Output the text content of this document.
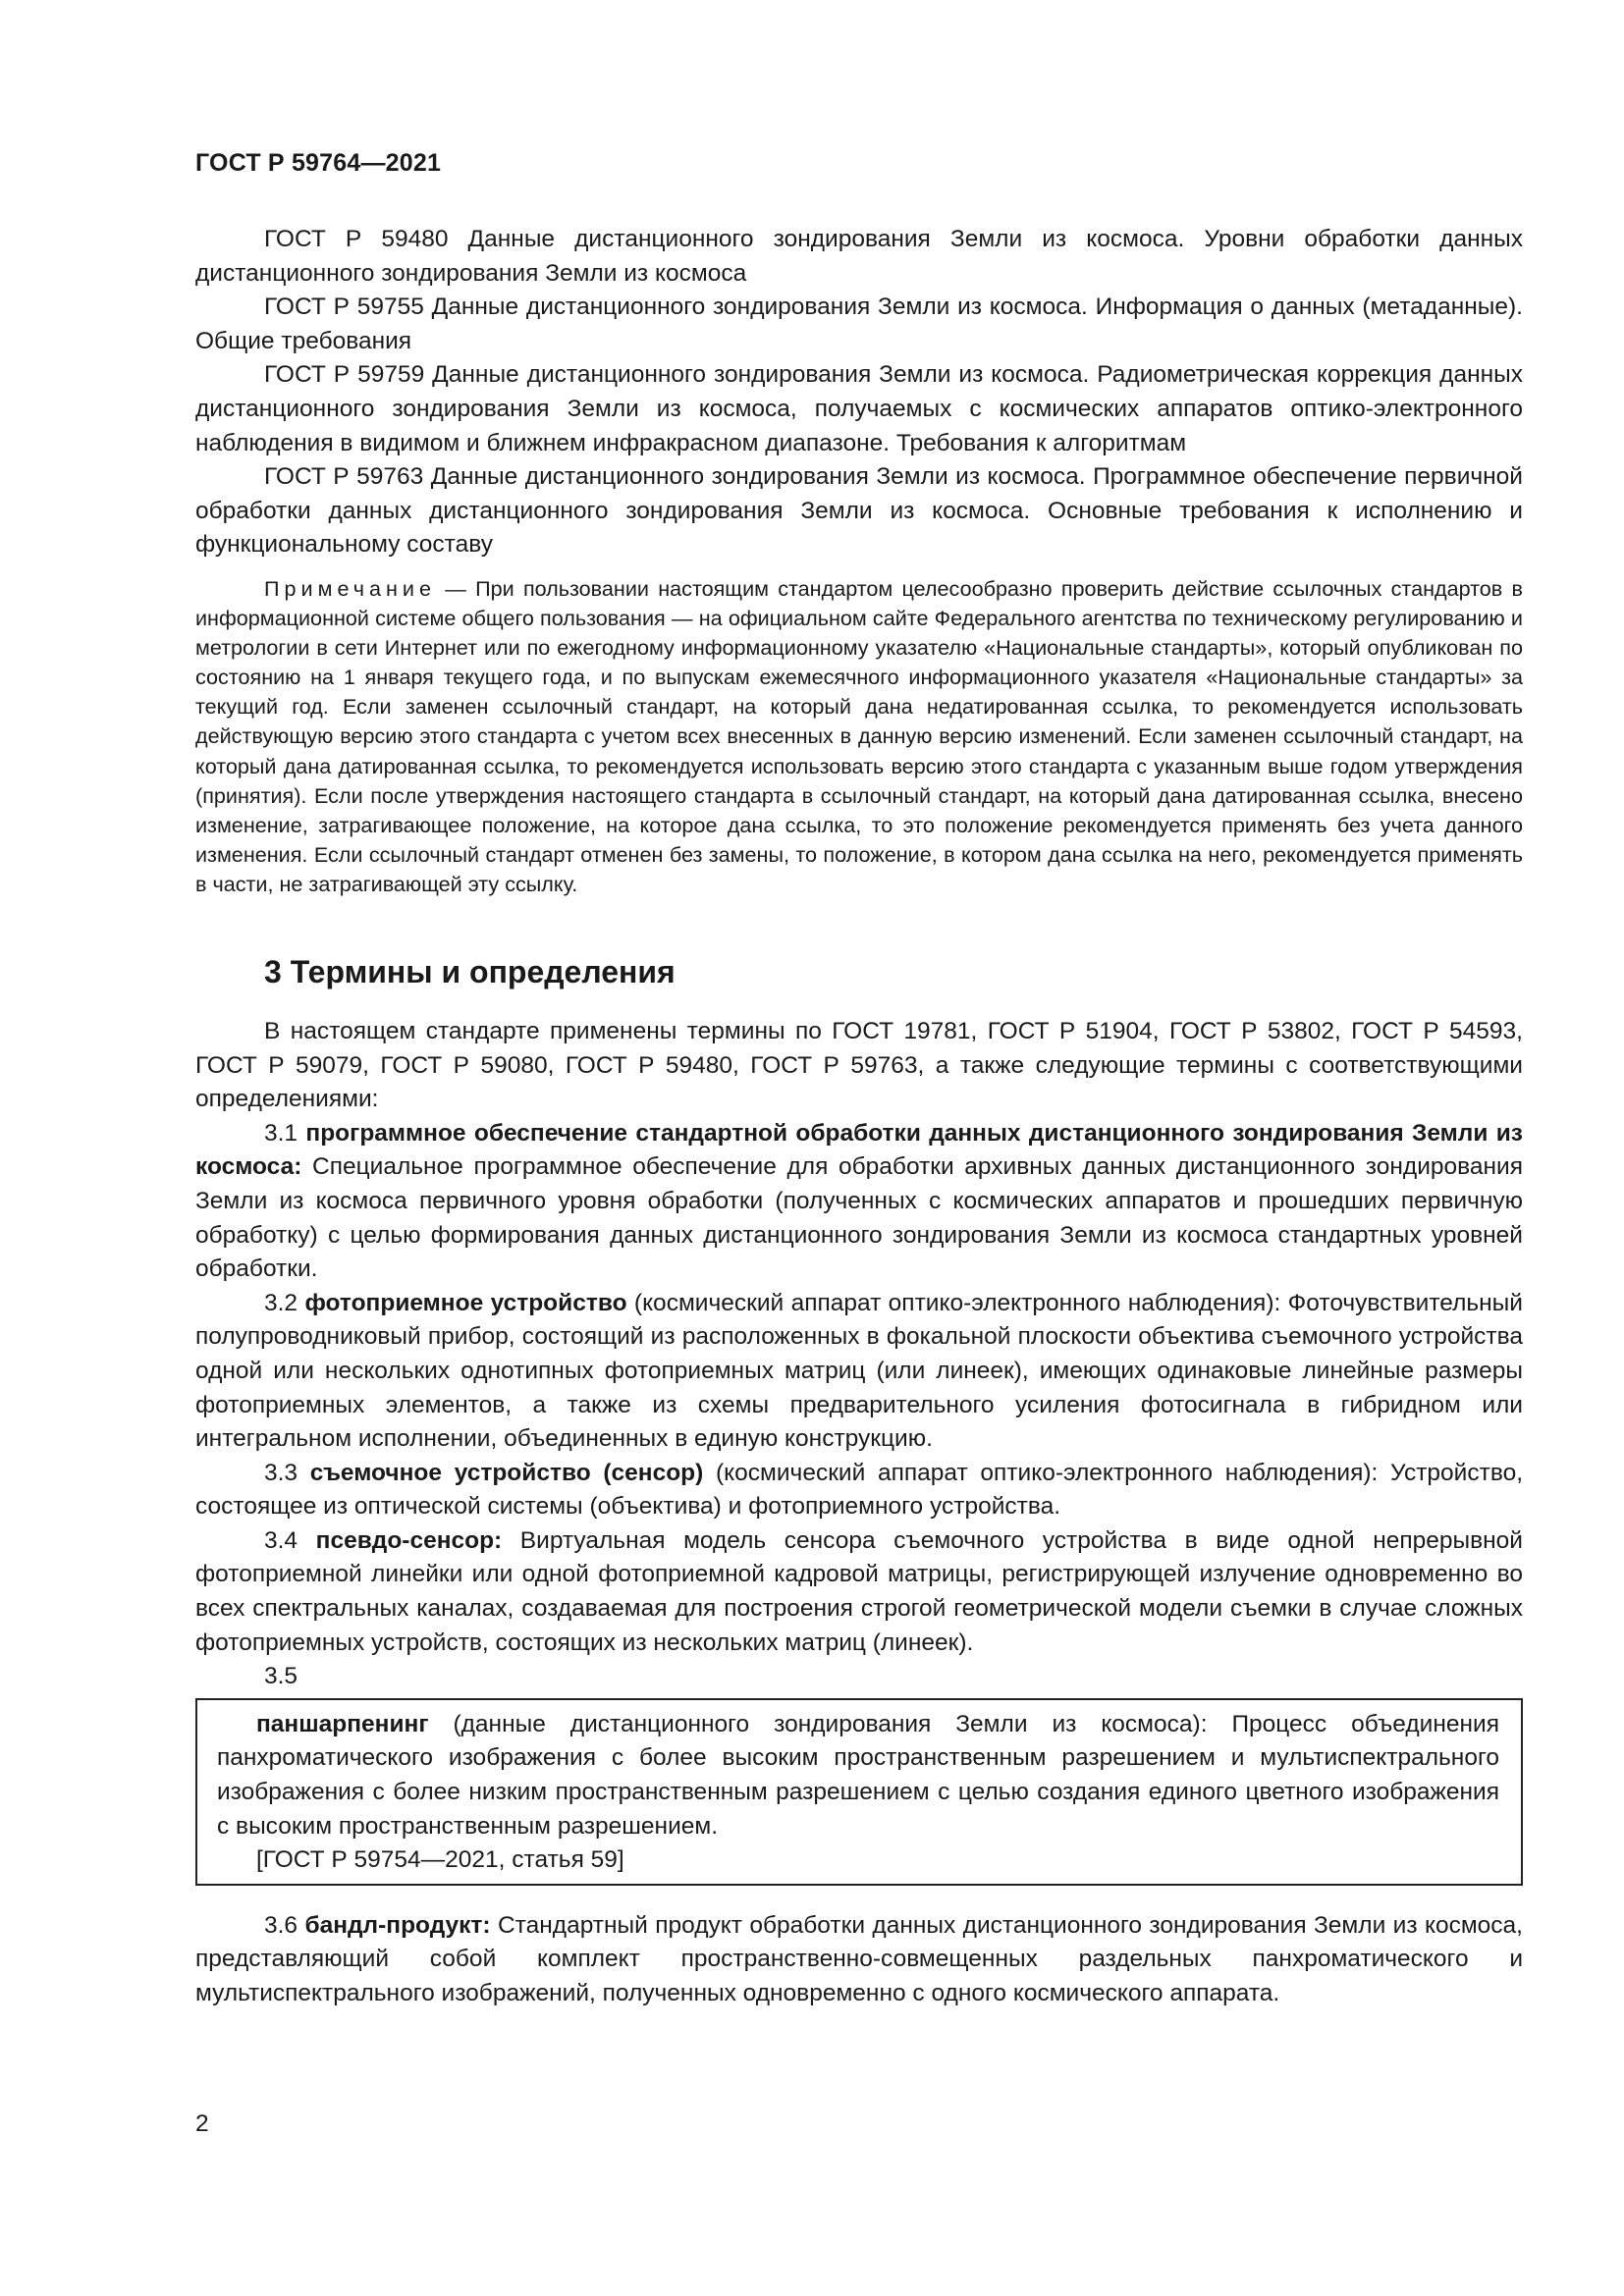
ГОСТ Р 59764—2021

ГОСТ Р 59480 Данные дистанционного зондирования Земли из космоса. Уровни обработки данных дистанционного зондирования Земли из космоса

ГОСТ Р 59755 Данные дистанционного зондирования Земли из космоса. Информация о данных (метаданные). Общие требования

ГОСТ Р 59759 Данные дистанционного зондирования Земли из космоса. Радиометрическая коррекция данных дистанционного зондирования Земли из космоса, получаемых с космических аппаратов оптико-электронного наблюдения в видимом и ближнем инфракрасном диапазоне. Требования к алгоритмам

ГОСТ Р 59763 Данные дистанционного зондирования Земли из космоса. Программное обеспечение первичной обработки данных дистанционного зондирования Земли из космоса. Основные требования к исполнению и функциональному составу

Примечание — При пользовании настоящим стандартом целесообразно проверить действие ссылочных стандартов в информационной системе общего пользования — на официальном сайте Федерального агентства по техническому регулированию и метрологии в сети Интернет или по ежегодному информационному указателю «Национальные стандарты», который опубликован по состоянию на 1 января текущего года, и по выпускам ежемесячного информационного указателя «Национальные стандарты» за текущий год. Если заменен ссылочный стандарт, на который дана недатированная ссылка, то рекомендуется использовать действующую версию этого стандарта с учетом всех внесенных в данную версию изменений. Если заменен ссылочный стандарт, на который дана датированная ссылка, то рекомендуется использовать версию этого стандарта с указанным выше годом утверждения (принятия). Если после утверждения настоящего стандарта в ссылочный стандарт, на который дана датированная ссылка, внесено изменение, затрагивающее положение, на которое дана ссылка, то это положение рекомендуется применять без учета данного изменения. Если ссылочный стандарт отменен без замены, то положение, в котором дана ссылка на него, рекомендуется применять в части, не затрагивающей эту ссылку.
3 Термины и определения

В настоящем стандарте применены термины по ГОСТ 19781, ГОСТ Р 51904, ГОСТ Р 53802, ГОСТ Р 54593, ГОСТ Р 59079, ГОСТ Р 59080, ГОСТ Р 59480, ГОСТ Р 59763, а также следующие термины с соответствующими определениями:

3.1 программное обеспечение стандартной обработки данных дистанционного зондирования Земли из космоса: Специальное программное обеспечение для обработки архивных данных дистанционного зондирования Земли из космоса первичного уровня обработки (полученных с космических аппаратов и прошедших первичную обработку) с целью формирования данных дистанционного зондирования Земли из космоса стандартных уровней обработки.

3.2 фотоприемное устройство (космический аппарат оптико-электронного наблюдения): Фоточувствительный полупроводниковый прибор, состоящий из расположенных в фокальной плоскости объектива съемочного устройства одной или нескольких однотипных фотоприемных матриц (или линеек), имеющих одинаковые линейные размеры фотоприемных элементов, а также из схемы предварительного усиления фотосигнала в гибридном или интегральном исполнении, объединенных в единую конструкцию.

3.3 съемочное устройство (сенсор) (космический аппарат оптико-электронного наблюдения): Устройство, состоящее из оптической системы (объектива) и фотоприемного устройства.

3.4 псевдо-сенсор: Виртуальная модель сенсора съемочного устройства в виде одной непрерывной фотоприемной линейки или одной фотоприемной кадровой матрицы, регистрирующей излучение одновременно во всех спектральных каналах, создаваемая для построения строгой геометрической модели съемки в случае сложных фотоприемных устройств, состоящих из нескольких матриц (линеек).

3.5

паншарпенинг (данные дистанционного зондирования Земли из космоса): Процесс объединения панхроматического изображения с более высоким пространственным разрешением и мультиспектрального изображения с более низким пространственным разрешением с целью создания единого цветного изображения с высоким пространственным разрешением.

[ГОСТ Р 59754—2021, статья 59]

3.6 бандл-продукт: Стандартный продукт обработки данных дистанционного зондирования Земли из космоса, представляющий собой комплект пространственно-совмещенных раздельных панхроматического и мультиспектрального изображений, полученных одновременно с одного космического аппарата.

2
